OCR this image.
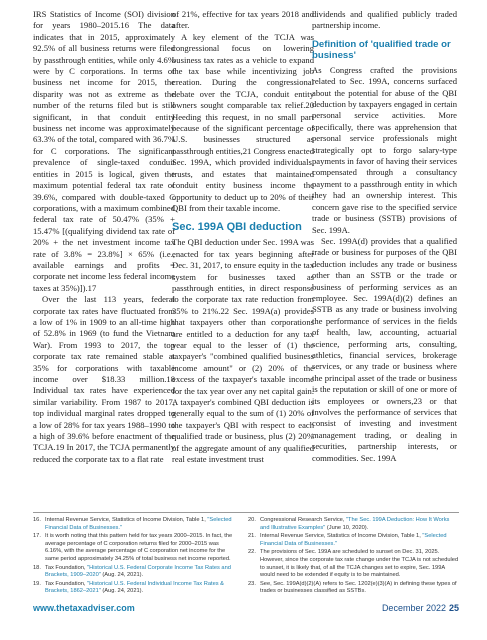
IRS Statistics of Income (SOI) division for years 1980–2015.16 The data indicates that in 2015, approximately 92.5% of all business returns were filed by passthrough entities, while only 4.6% were by C corporations. In terms of business net income for 2015, the disparity was not as extreme as the number of the returns filed but is still significant, in that conduit entity business net income was approximately 63.3% of the total, compared with 36.7% for C corporations. The significant prevalence of single-taxed conduit entities in 2015 is logical, given the maximum potential federal tax rate of 39.6%, compared with double-taxed C corporations, with a maximum combined federal tax rate of 50.47% (35% + 15.47% [(qualifying dividend tax rate of 20% + the net investment income tax rate of 3.8% = 23.8%] × 65% (i.e., available earnings and profits = corporate net income less federal income taxes at 35%)]).17

Over the last 113 years, federal corporate tax rates have fluctuated from a low of 1% in 1909 to an all-time high of 52.8% in 1969 (to fund the Vietnam War). From 1993 to 2017, the top corporate tax rate remained stable at 35% for corporations with taxable income over $18.33 million.18 Individual tax rates have experienced similar variability. From 1987 to 2017, top individual marginal rates dropped to a low of 28% for tax years 1988–1990 to a high of 39.6% before enactment of the TCJA.19 In 2017, the TCJA permanently reduced the corporate tax to a flat rate

of 21%, effective for tax years 2018 and after.

A key element of the TCJA was congressional focus on lowering business tax rates as a vehicle to expand the tax base while incentivizing job creation. During the congressional debate over the TCJA, conduit entity owners sought comparable tax relief.20 Heeding this request, in no small part because of the significant percentage of U.S. businesses structured as passthrough entities,21 Congress enacted Sec. 199A, which provided individuals, trusts, and estates that maintained conduit entity business income the opportunity to deduct up to 20% of their QBI from their taxable income.

Sec. 199A QBI deduction

The QBI deduction under Sec. 199A was enacted for tax years beginning after Dec. 31, 2017, to ensure equity in the tax system for businesses taxed as passthrough entities, in direct response to the corporate tax rate reduction from 35% to 21%.22 Sec. 199A(a) provides that taxpayers other than corporations are entitled to a deduction for any tax year equal to the lesser of (1) the taxpayer's "combined qualified business income amount" or (2) 20% of the excess of the taxpayer's taxable income for the tax year over any net capital gain. A taxpayer's combined QBI deduction is generally equal to the sum of (1) 20% of the taxpayer's QBI with respect to each qualified trade or business, plus (2) 20% of the aggregate amount of any qualified real estate investment trust

dividends and qualified publicly traded partnership income.

Definition of 'qualified trade or business'

As Congress crafted the provisions related to Sec. 199A, concerns surfaced about the potential for abuse of the QBI deduction by taxpayers engaged in certain personal service activities. More specifically, there was apprehension that personal service professionals might strategically opt to forgo salary-type payments in favor of having their services compensated through a consultancy payment to a passthrough entity in which they had an ownership interest. This concern gave rise to the specified service trade or business (SSTB) provisions of Sec. 199A.

Sec. 199A(d) provides that a qualified trade or business for purposes of the QBI deduction includes any trade or business other than an SSTB or the trade or business of performing services as an employee. Sec. 199A(d)(2) defines an SSTB as any trade or business involving the performance of services in the fields of health, law, accounting, actuarial science, performing arts, consulting, athletics, financial services, brokerage services, or any trade or business where the principal asset of the trade or business is the reputation or skill of one or more of its employees or owners,23 or that involves the performance of services that consist of investing and investment management trading, or dealing in securities, partnership interests, or commodities. Sec. 199A

16. Internal Revenue Service, Statistics of Income Division, Table 1, "Selected Financial Data of Businesses."
17. It is worth noting that this pattern held for tax years 2000–2015. In fact, the average percentage of C corporation returns filed for 2000–2015 was 6.16%, with the average percentage of C corporation net income for the same period approximately 34.25% of total business net income reported.
18. Tax Foundation, "Historical U.S. Federal Corporate Income Tax Rates and Brackets, 1909–2020" (Aug. 24, 2021).
19. Tax Foundation, "Historical U.S. Federal Individual Income Tax Rates & Brackets, 1862–2021" (Aug. 24, 2021).
20. Congressional Research Service, "The Sec. 199A Deduction: How It Works and Illustrative Examples" (June 10, 2020).
21. Internal Revenue Service, Statistics of Income Division, Table 1, "Selected Financial Data of Businesses."
22. The provisions of Sec. 199A are scheduled to sunset on Dec. 31, 2025. However, since the corporate tax rate change under the TCJA is not scheduled to sunset, it is likely that, of all the TCJA changes set to expire, Sec. 199A would need to be extended if equity is to be maintained.
23. See, Sec. 199A(d)(2)(A) refers to Sec. 1202(e)(3)(A) in defining these types of trades or businesses classified as SSTBs.
www.thetaxadviser.com	December 2022 25
